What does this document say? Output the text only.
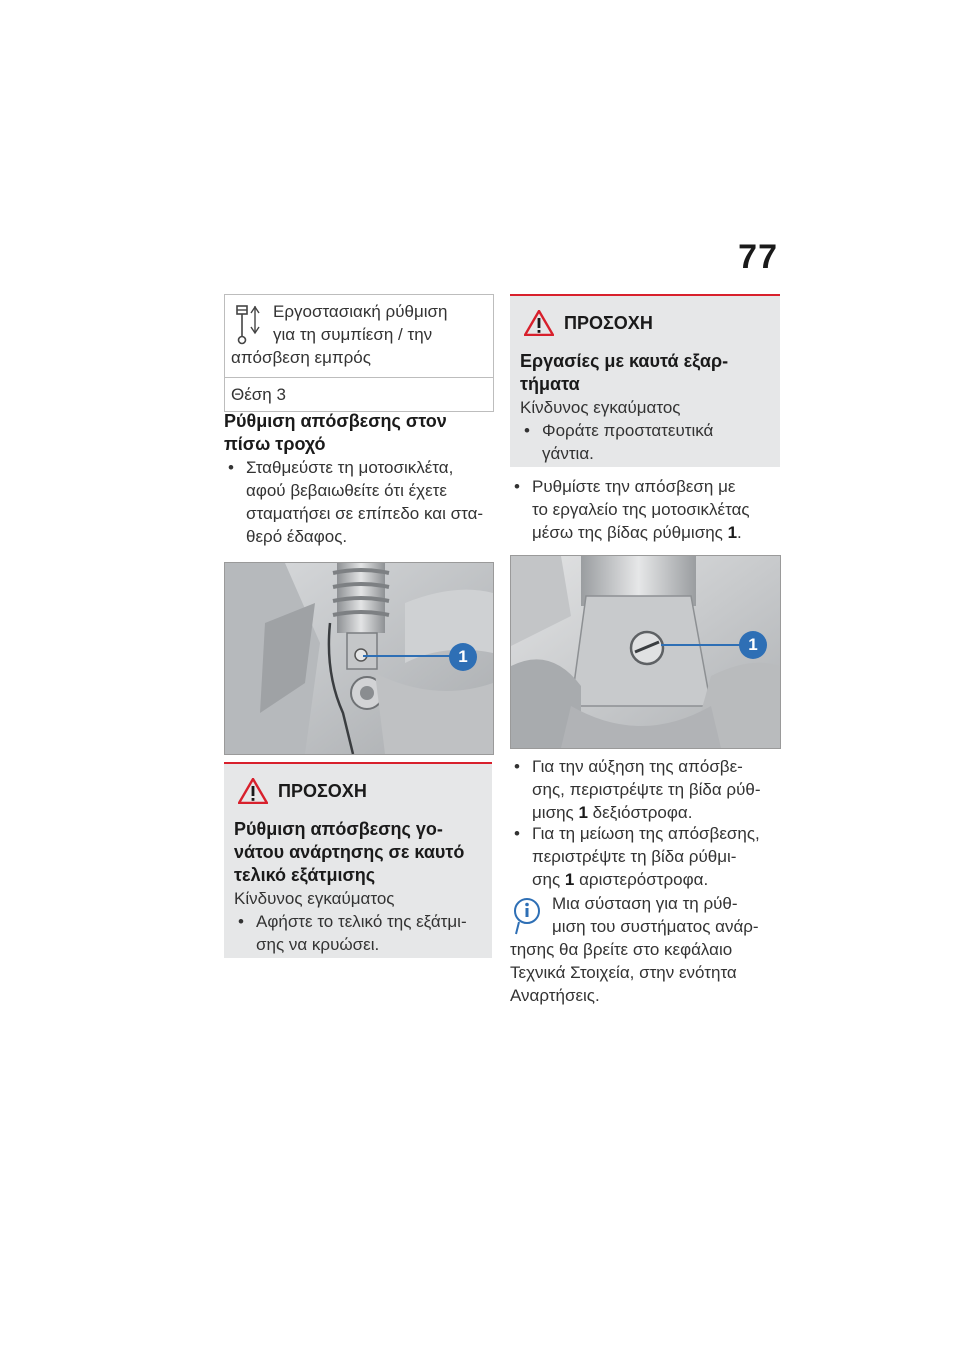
77
Εργοστασιακή ρύθμιση
για τη συμπίεση / την
απόσβεση εμπρός
Θέση 3
Ρύθμιση απόσβεσης στον
πίσω τροχό
• Σταθμεύστε τη μοτοσικλέτα,
αφού βεβαιωθείτε ότι έχετε
σταματήσει σε επίπεδο και στα-
θερό έδαφος.
1
ΠΡΟΣΟΧΗ
Ρύθμιση απόσβεσης γο-
νάτου ανάρτησης σε καυτό
τελικό εξάτμισης
Κίνδυνος εγκαύματος
• Αφήστε το τελικό της εξάτμι-
σης να κρυώσει.
ΠΡΟΣΟΧΗ
Εργασίες με καυτά εξαρ-
τήματα
Κίνδυνος εγκαύματος
• Φοράτε προστατευτικά
γάντια.
• Ρυθμίστε την απόσβεση με
το εργαλείο της μοτοσικλέτας
μέσω της βίδας ρύθμισης 1.
1
• Για την αύξηση της απόσβε-
σης, περιστρέψτε τη βίδα ρύθ-
μισης 1 δεξιόστροφα.
• Για τη μείωση της απόσβεσης,
περιστρέψτε τη βίδα ρύθμι-
σης 1 αριστερόστροφα.
Μια σύσταση για τη ρύθ-
μιση του συστήματος ανάρ-
τησης θα βρείτε στο κεφάλαιο
Τεχνικά Στοιχεία, στην ενότητα
Αναρτήσεις.
